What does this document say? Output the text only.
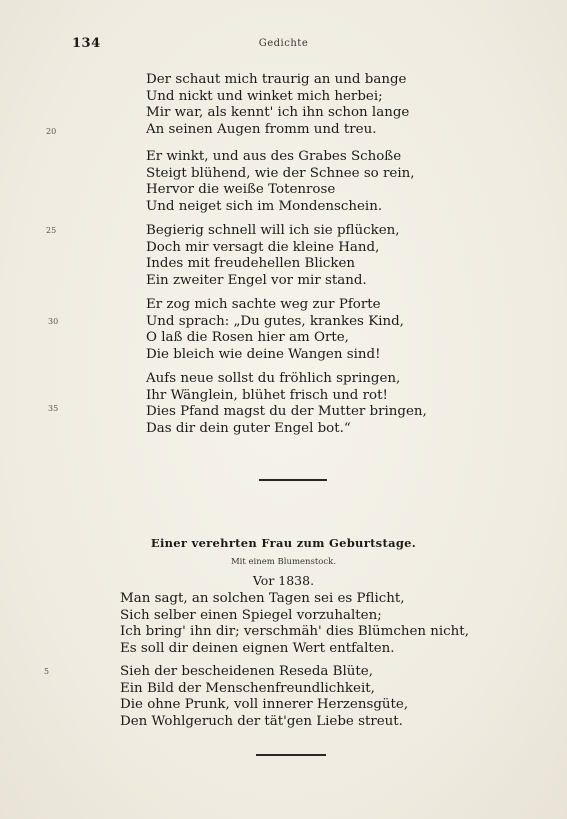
134	Gedichte
Der schaut mich traurig an und bange
Und nickt und winket mich herbei;
Mir war, als kennt' ich ihn schon lange
An seinen Augen fromm und treu.
20
Er winkt, und aus des Grabes Schoße
Steigt blühend, wie der Schnee so rein,
Hervor die weiße Totenrose
Und neiget sich im Mondenschein.
Begierig schnell will ich sie pflücken,
Doch mir versagt die kleine Hand,
Indes mit freudehellen Blicken
Ein zweiter Engel vor mir stand.
25
Er zog mich sachte weg zur Pforte
Und sprach: „Du gutes, krankes Kind,
O laß die Rosen hier am Orte,
Die bleich wie deine Wangen sind!
30
Aufs neue sollst du fröhlich springen,
Ihr Wänglein, blühet frisch und rot!
Dies Pfand magst du der Mutter bringen,
Das dir dein guter Engel bot.“
35
Einer verehrten Frau zum Geburtstage.
Mit einem Blumenstock.
Vor 1838.
Man sagt, an solchen Tagen sei es Pflicht,
Sich selber einen Spiegel vorzuhalten;
Ich bring' ihn dir; verschmäh' dies Blümchen nicht,
Es soll dir deinen eignen Wert entfalten.
5	Sieh der bescheidenen Reseda Blüte,
Ein Bild der Menschenfreundlichkeit,
Die ohne Prunk, voll innerer Herzensgüte,
Den Wohlgeruch der tät'gen Liebe streut.
